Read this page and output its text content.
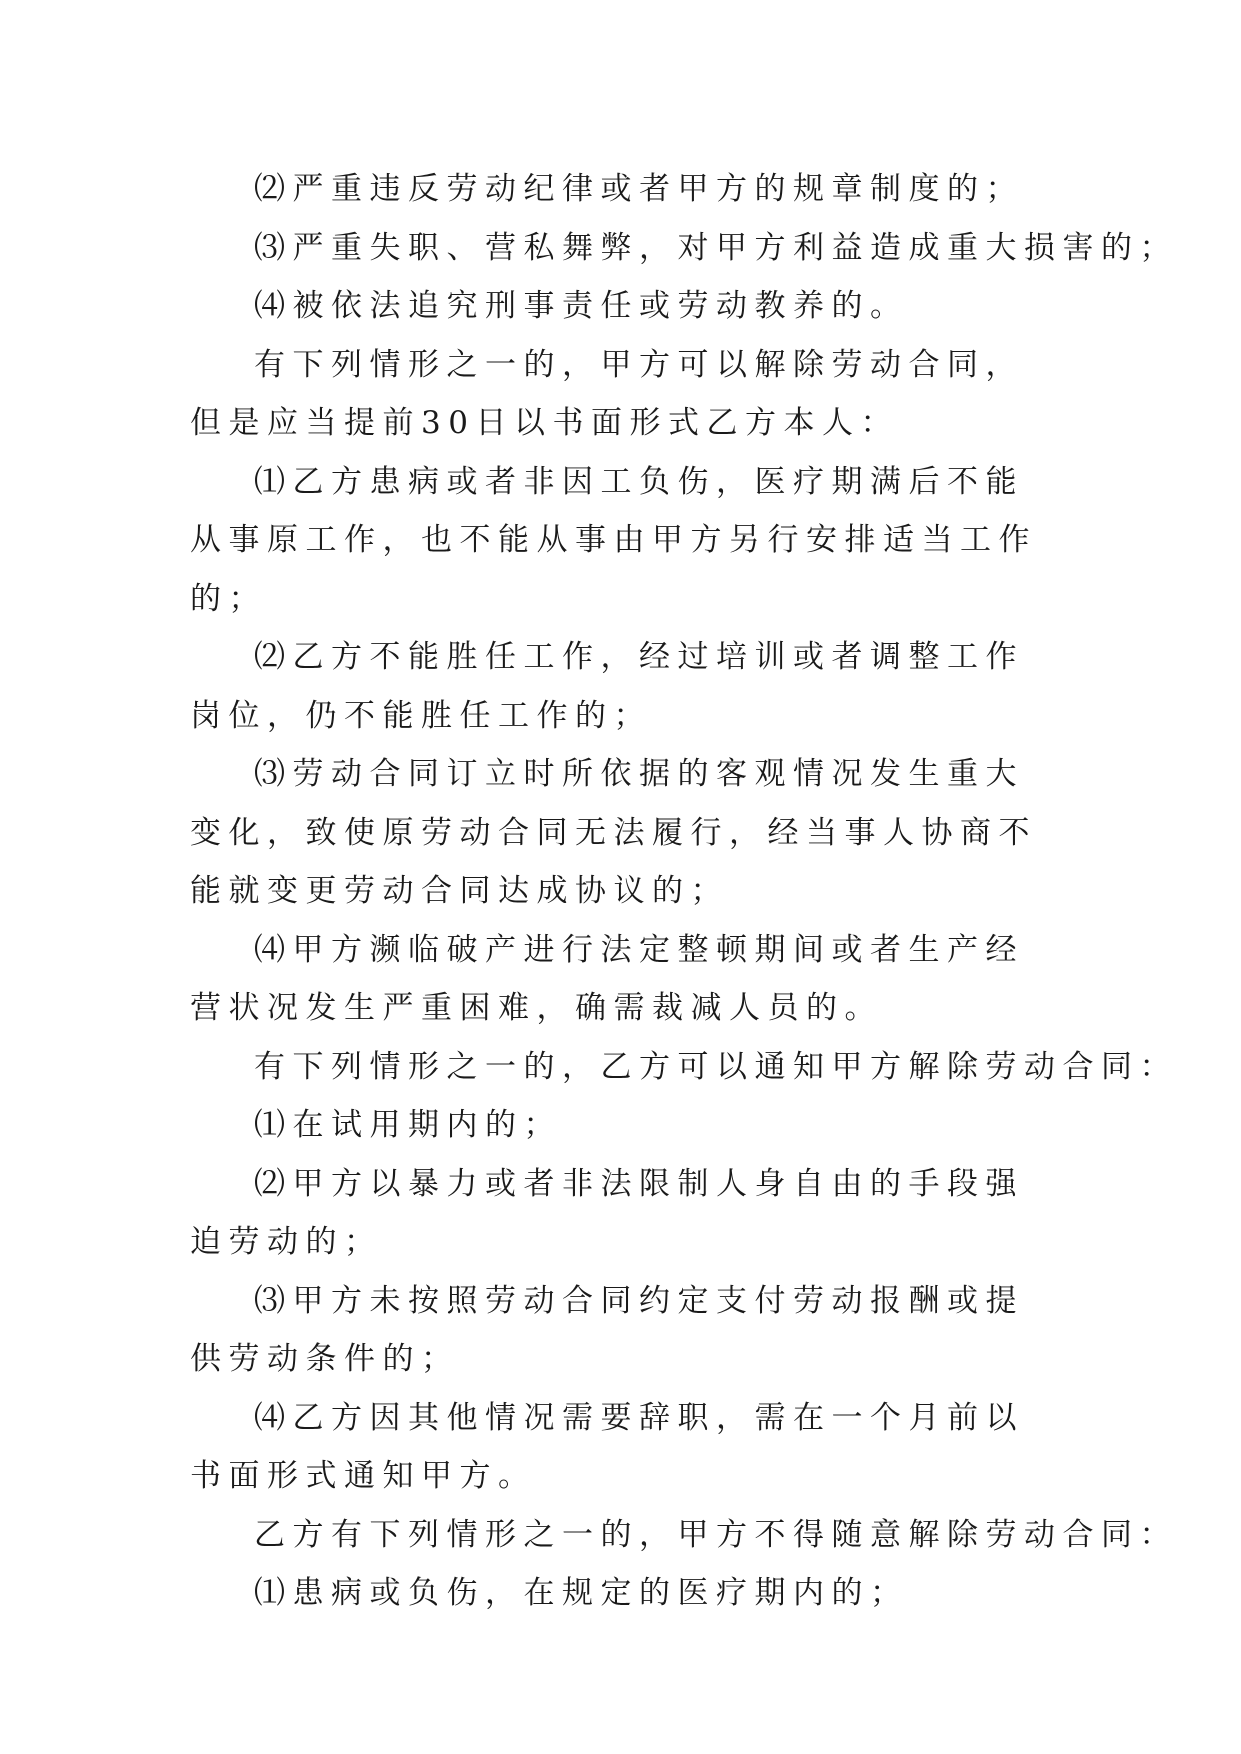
⑵严重违反劳动纪律或者甲方的规章制度的；

⑶严重失职、营私舞弊，对甲方利益造成重大损害的；

⑷被依法追究刑事责任或劳动教养的。

有下列情形之一的，甲方可以解除劳动合同，但是应当提前30日以书面形式乙方本人：

⑴乙方患病或者非因工负伤，医疗期满后不能从事原工作，也不能从事由甲方另行安排适当工作的；

⑵乙方不能胜任工作，经过培训或者调整工作岗位，仍不能胜任工作的；

⑶劳动合同订立时所依据的客观情况发生重大变化，致使原劳动合同无法履行，经当事人协商不能就变更劳动合同达成协议的；

⑷甲方濒临破产进行法定整顿期间或者生产经营状况发生严重困难，确需裁减人员的。

有下列情形之一的，乙方可以通知甲方解除劳动合同：

⑴在试用期内的；

⑵甲方以暴力或者非法限制人身自由的手段强迫劳动的；

⑶甲方未按照劳动合同约定支付劳动报酬或提供劳动条件的；

⑷乙方因其他情况需要辞职，需在一个月前以书面形式通知甲方。

乙方有下列情形之一的，甲方不得随意解除劳动合同：

⑴患病或负伤，在规定的医疗期内的；
